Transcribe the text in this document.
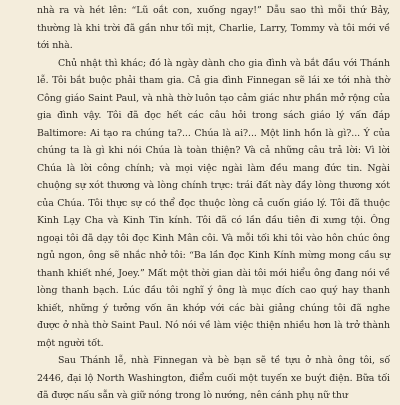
nhà ra và hét lên: “Lũ oắt con, xuống ngay!” Dẫu sao thì mỗi thứ Bảy, thường là khi trời đã gần như tối mịt, Charlie, Larry, Tommy và tôi mới về tới nhà.

Chủ nhật thì khác; đó là ngày dành cho gia đình và bắt đầu với Thánh lễ. Tôi bắt buộc phải tham gia. Cả gia đình Finnegan sẽ lái xe tới nhà thờ Công giáo Saint Paul, và nhà thờ luôn tạo cảm giác như phần mở rộng của gia đình vậy. Tôi đã đọc hết các câu hỏi trong sách giáo lý vấn đáp Baltimore: Ai tạo ra chúng ta?... Chúa là ai?... Một linh hồn là gì?... Ý của chúng ta là gì khi nói Chúa là toàn thiện? Và cả những câu trả lời: Vì lời Chúa là lời công chính; và mọi việc ngài làm đều mang đức tin. Ngài chuộng sự xót thương và lòng chính trực: trái đất này đầy lòng thương xót của Chúa. Tôi thực sự có thể đọc thuộc lòng cả cuốn giáo lý. Tôi đã thuộc Kinh Lạy Cha và Kinh Tin kính. Tôi đã có lần đầu tiên đi xưng tội. Ông ngoại tôi đã dạy tôi đọc Kinh Mân côi. Và mỗi tối khi tôi vào hôn chúc ông ngủ ngon, ông sẽ nhắc nhở tôi: “Ba lần đọc Kinh Kính mừng mong cầu sự thanh khiết nhé, Joey.” Mất một thời gian dài tôi mới hiểu ông đang nói về lòng thanh bạch. Lúc đầu tôi nghĩ ý ông là mục đích cao quý hay thanh khiết, những ý tưởng vốn ăn khớp với các bài giảng chúng tôi đã nghe được ở nhà thờ Saint Paul. Nó nói về làm việc thiện nhiều hơn là trở thành một người tốt.

Sau Thánh lễ, nhà Finnegan và bè bạn sẽ tề tựu ở nhà ông tôi, số 2446, đại lộ North Washington, điểm cuối một tuyến xe buýt điện. Bữa tối đã được nấu sẵn và giữ nóng trong lò nướng, nên cánh phụ nữ thư
